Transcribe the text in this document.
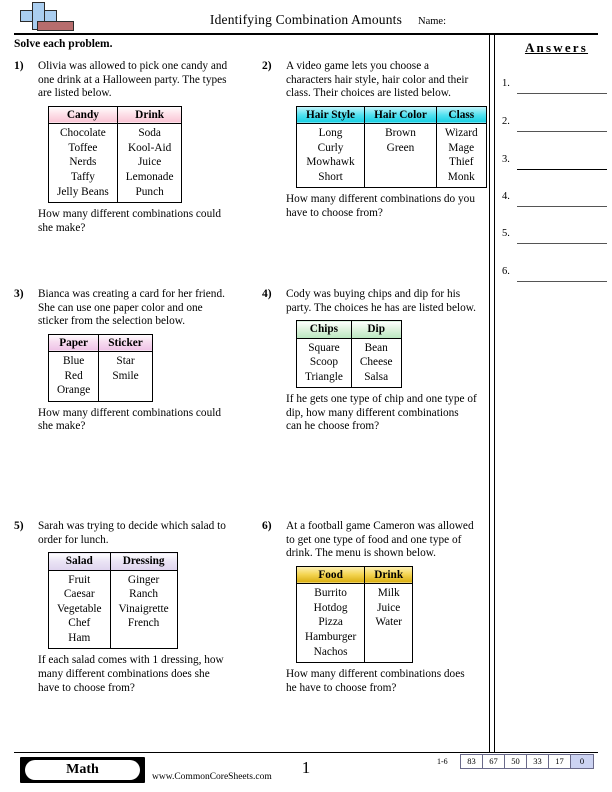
Identifying Combination Amounts	Name:
Solve each problem.
1)	Olivia was allowed to pick one candy and one drink at a Halloween party. The types are listed below.
Candy	Drink
Chocolate	Soda
Toffee	Kool-Aid
Nerds	Juice
Taffy	Lemonade
Jelly Beans	Punch
How many different combinations could she make?
2)	A video game lets you choose a characters hair style, hair color and their class. Their choices are listed below.
Hair Style	Hair Color	Class
Long	Brown	Wizard
Curly	Green	Mage
Mowhawk		Thief
Short		Monk
How many different combinations do you have to choose from?
3)	Bianca was creating a card for her friend. She can use one paper color and one sticker from the selection below.
Paper	Sticker
Blue	Star
Red	Smile
Orange	
How many different combinations could she make?
4)	Cody was buying chips and dip for his party. The choices he has are listed below.
Chips	Dip
Square	Bean
Scoop	Cheese
Triangle	Salsa
If he gets one type of chip and one type of dip, how many different combinations can he choose from?
5)	Sarah was trying to decide which salad to order for lunch.
Salad	Dressing
Fruit	Ginger
Caesar	Ranch
Vegetable	Vinaigrette
Chef	French
Ham	
If each salad comes with 1 dressing, how many different combinations does she have to choose from?
6)	At a football game Cameron was allowed to get one type of food and one type of drink. The menu is shown below.
Food	Drink
Burrito	Milk
Hotdog	Juice
Pizza	Water
Hamburger	
Nachos	
How many different combinations does he have to choose from?
Answers
1.
2.
3.
4.
5.
6.
Math	www.CommonCoreSheets.com	1	1-6	83	67	50	33	17	0
